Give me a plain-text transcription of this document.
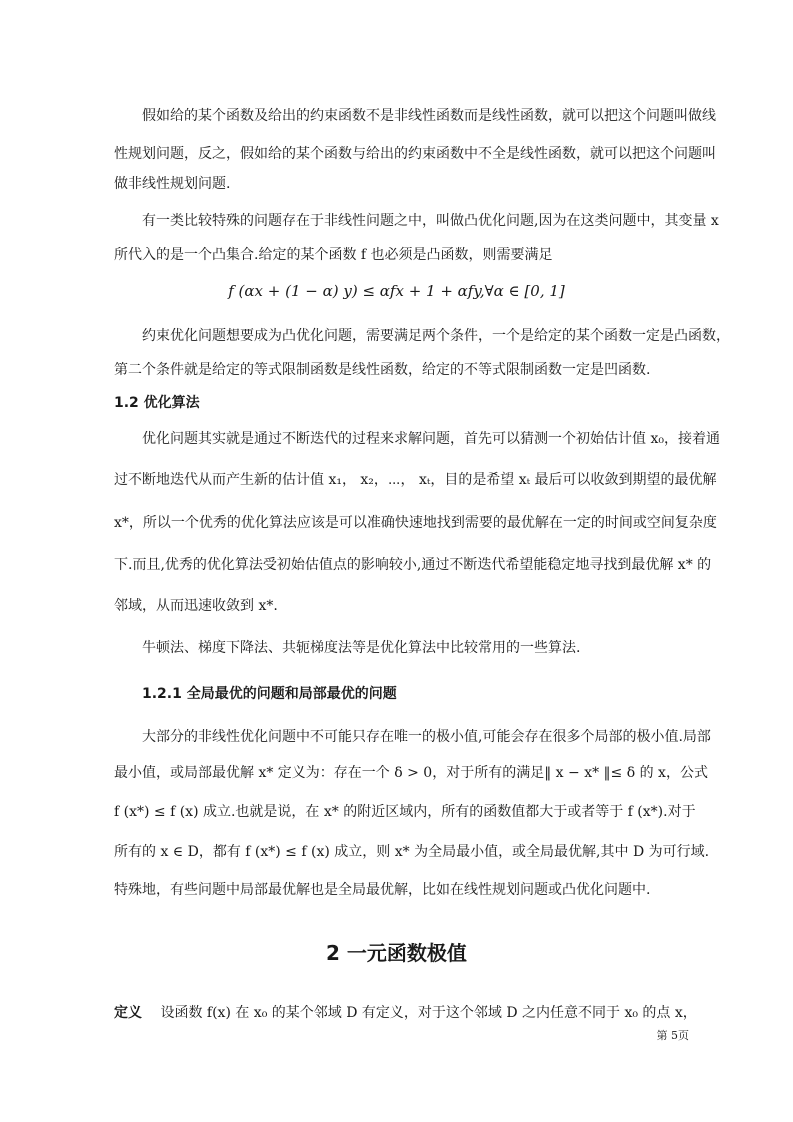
假如给的某个函数及给出的约束函数不是非线性函数而是线性函数，就可以把这个问题叫做线
性规划问题，反之，假如给的某个函数与给出的约束函数中不全是线性函数，就可以把这个问题叫
做非线性规划问题.
有一类比较特殊的问题存在于非线性问题之中，叫做凸优化问题,因为在这类问题中，其变量 x
所代入的是一个凸集合.给定的某个函数 f 也必须是凸函数，则需要满足
f (αx + (1 − α) y) ≤ αfx + 1 + αfy,∀α ∈ [0, 1]
约束优化问题想要成为凸优化问题，需要满足两个条件，一个是给定的某个函数一定是凸函数，
第二个条件就是给定的等式限制函数是线性函数，给定的不等式限制函数一定是凹函数.
1.2 优化算法
优化问题其实就是通过不断迭代的过程来求解问题，首先可以猜测一个初始估计值 x₀，接着通
过不断地迭代从而产生新的估计值 x₁， x₂，⋯， xₜ，目的是希望 xₜ 最后可以收敛到期望的最优解
x*，所以一个优秀的优化算法应该是可以准确快速地找到需要的最优解在一定的时间或空间复杂度
下.而且,优秀的优化算法受初始估值点的影响较小,通过不断迭代希望能稳定地寻找到最优解 x* 的
邻域，从而迅速收敛到 x*.
牛顿法、梯度下降法、共轭梯度法等是优化算法中比较常用的一些算法.
1.2.1 全局最优的问题和局部最优的问题
大部分的非线性优化问题中不可能只存在唯一的极小值,可能会存在很多个局部的极小值.局部
最小值，或局部最优解 x* 定义为：存在一个 δ > 0，对于所有的满足‖ x − x* ‖≤ δ 的 x，公式
f (x*) ≤ f (x) 成立.也就是说，在 x* 的附近区域内，所有的函数值都大于或者等于 f (x*).对于
所有的 x ∈ D，都有 f (x*) ≤ f (x) 成立，则 x* 为全局最小值，或全局最优解,其中 D 为可行域.
特殊地，有些问题中局部最优解也是全局最优解，比如在线性规划问题或凸优化问题中.
2 一元函数极值
定义 设函数 f(x) 在 x₀ 的某个邻域 D 有定义，对于这个邻域 D 之内任意不同于 x₀ 的点 x，
第 5页
